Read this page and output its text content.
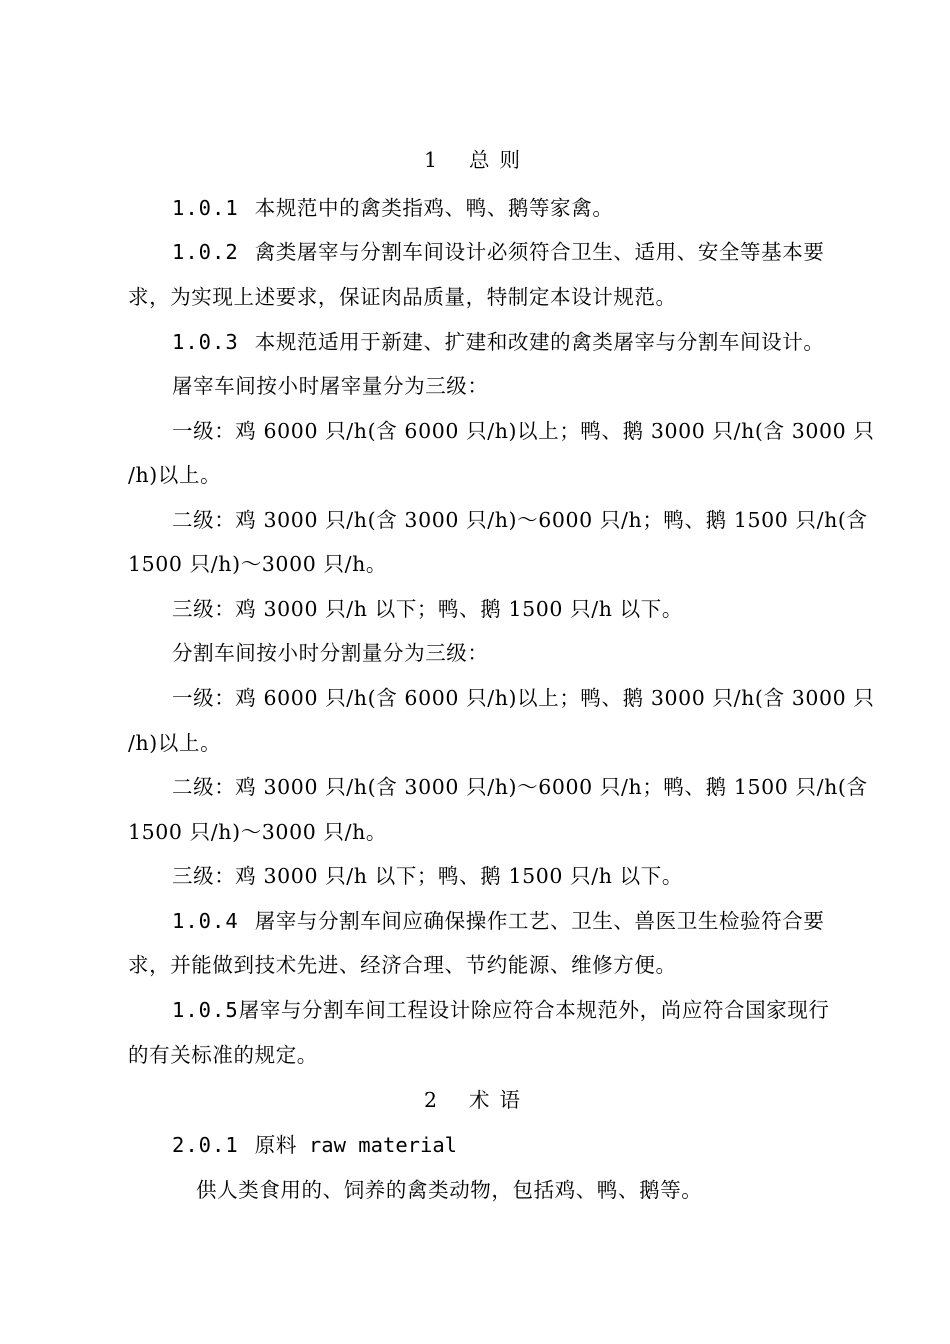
1 总 则
1.0.1 本规范中的禽类指鸡、鸭、鹅等家禽。
1.0.2 禽类屠宰与分割车间设计必须符合卫生、适用、安全等基本要
求，为实现上述要求，保证肉品质量，特制定本设计规范。
1.0.3 本规范适用于新建、扩建和改建的禽类屠宰与分割车间设计。
屠宰车间按小时屠宰量分为三级：
一级：鸡 6000 只/h(含 6000 只/h)以上；鸭、鹅 3000 只/h(含 3000 只
/h)以上。
二级：鸡 3000 只/h(含 3000 只/h)～6000 只/h；鸭、鹅 1500 只/h(含
1500 只/h)～3000 只/h。
三级：鸡 3000 只/h 以下；鸭、鹅 1500 只/h 以下。
分割车间按小时分割量分为三级：
一级：鸡 6000 只/h(含 6000 只/h)以上；鸭、鹅 3000 只/h(含 3000 只
/h)以上。
二级：鸡 3000 只/h(含 3000 只/h)～6000 只/h；鸭、鹅 1500 只/h(含
1500 只/h)～3000 只/h。
三级：鸡 3000 只/h 以下；鸭、鹅 1500 只/h 以下。
1.0.4 屠宰与分割车间应确保操作工艺、卫生、兽医卫生检验符合要
求，并能做到技术先进、经济合理、节约能源、维修方便。
1.0.5屠宰与分割车间工程设计除应符合本规范外，尚应符合国家现行
的有关标准的规定。
2 术 语
2.0.1 原料 raw material
供人类食用的、饲养的禽类动物，包括鸡、鸭、鹅等。
